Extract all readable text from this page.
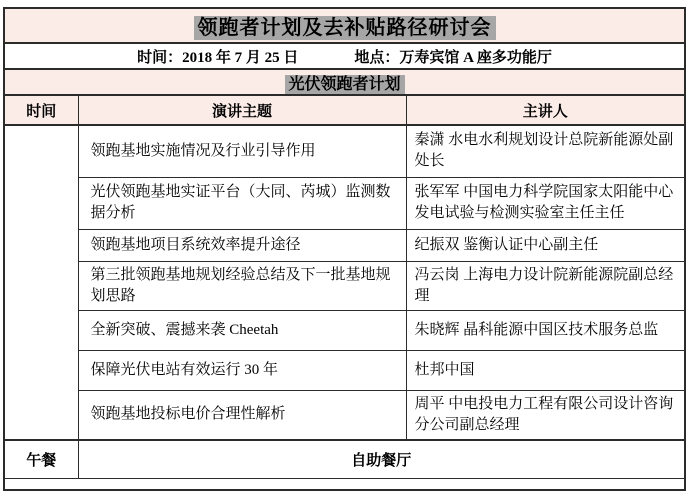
领跑者计划及去补贴路径研讨会		
时间：2018 年 7 月 25 日 地点：万寿宾馆 A 座多功能厅		
光伏领跑者计划		
时间	演讲主题	主讲人
	领跑基地实施情况及行业引导作用	秦潇 水电水利规划设计总院新能源处副处长
	光伏领跑基地实证平台（大同、芮城）监测数据分析	张军军 中国电力科学院国家太阳能中心发电试验与检测实验室主任主任
	领跑基地项目系统效率提升途径	纪振双 鉴衡认证中心副主任
	第三批领跑基地规划经验总结及下一批基地规划思路	冯云岗 上海电力设计院新能源院副总经理
	全新突破、震撼来袭 Cheetah	朱晓辉 晶科能源中国区技术服务总监
	保障光伏电站有效运行 30 年	杜邦中国
	领跑基地投标电价合理性解析	周平 中电投电力工程有限公司设计咨询分公司副总经理
午餐	自助餐厅	
